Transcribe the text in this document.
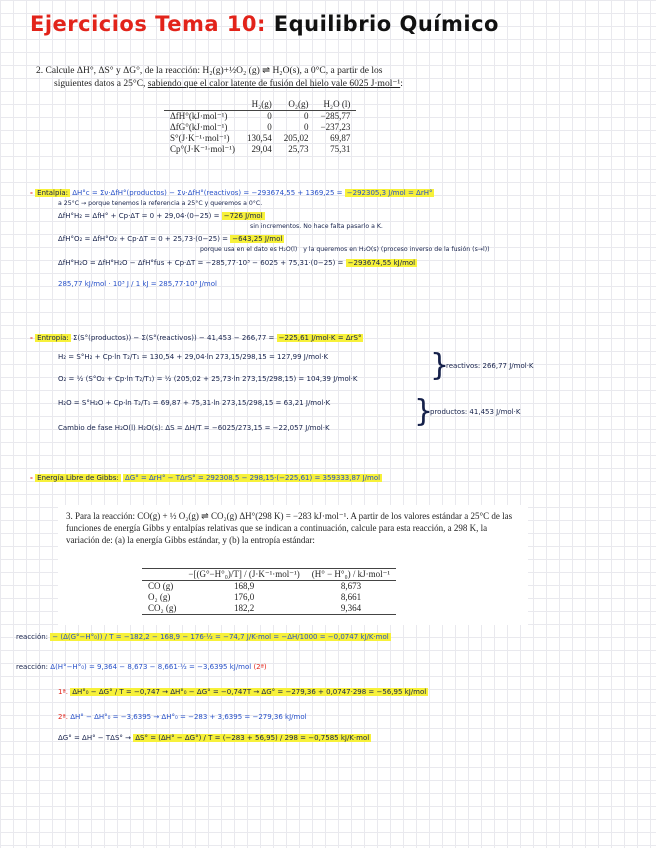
Ejercicios Tema 10: Equilibrio Químico

2. Calcule ΔH°, ΔS° y ΔG°, de la reacción: H₂(g)+½O₂ (g) ⇌ H₂O(s), a 0°C, a partir de los

siguientes datos a 25°C, sabiendo que el calor latente de fusión del hielo vale 6025 J·mol⁻¹:

	H₂(g)	O₂(g)	H₂O (l)
ΔfH°(kJ·mol⁻¹)	0	0	−285,77
ΔfG°(kJ·mol⁻¹)	0	0	−237,23
S°(J·K⁻¹·mol⁻¹)	130,54	205,02	69,87
Cp°(J·K⁻¹·mol⁻¹)	29,04	25,73	75,31
- Entalpía: ΔH°c = Σν·ΔfH°(productos) − Σν·ΔfH°(reactivos) = −293674,55 + 1369,25 = −292305,3 J/mol = ΔrH°
a 25°C → porque tenemos la referencia a 25°C y queremos a 0°C.
ΔfH°H₂ = ΔfH° + Cp·ΔT = 0 + 29,04·(0−25) = −726 J/mol
sin incrementos. No hace falta pasarlo a K.
ΔfH°O₂ = ΔfH°O₂ + Cp·ΔT = 0 + 25,73·(0−25) = −643,25 J/mol
porque usa en el dato es H₂O(l) y la queremos en H₂O(s) (proceso inverso de la fusión (s→l))
ΔfH°H₂O = ΔfH°H₂O − ΔfH°fus + Cp·ΔT = −285,77·10³ − 6025 + 75,31·(0−25) = −293674,55 kJ/mol
285,77 kJ/mol · 10³ J / 1 kJ = 285,77·10³ J/mol
- Entropía: Σ(S°(productos)) − Σ(S°(reactivos)) − 41,453 − 266,77 = −225,61 J/mol·K = ΔrS°
H₂ = S°H₂ + Cp·ln T₂/T₁ = 130,54 + 29,04·ln 273,15/298,15 = 127,99 J/mol·K
O₂ = ½ (S°O₂ + Cp·ln T₂/T₁) = ½ (205,02 + 25,73·ln 273,15/298,15) = 104,39 J/mol·K }
reactivos: 266,77 J/mol·K
H₂O = S°H₂O + Cp·ln T₂/T₁ = 69,87 + 75,31·ln 273,15/298,15 = 63,21 J/mol·K
Cambio de fase H₂O(l) H₂O(s): ΔS = ΔH/T = −6025/273,15 = −22,057 J/mol·K	}
productos: 41,453 J/mol·K
- Energía Libre de Gibbs: ΔG° = ΔrH° − TΔrS° = 292308,5 − 298,15·(−225,61) = 359333,87 J/mol
3. Para la reacción: CO(g) + ½ O₂(g) ⇌ CO₂(g) ΔH°(298 K) = −283 kJ·mol⁻¹. A partir de los valores estándar a 25°C de las funciones de energía Gibbs y entalpías relativas que se indican a continuación, calcule para esta reacción, a 298 K, la variación de: (a) la energía Gibbs estándar, y (b) la entropía estándar:
	−[(G°−H°₀)/T] / (J·K⁻¹·mol⁻¹)	(H° − H°₀) / kJ·mol⁻¹
CO (g)	168,9	8,673
O₂ (g)	176,0	8,661
CO₂ (g)	182,2	9,364
reacción: − (Δ(G°−H°₀)) / T = −182,2 − 168,9 − 176·½ = −74,7 J/K·mol = −ΔH/1000 = −0,0747 kJ/K·mol
reacción: Δ(H°−H°₀) = 9,364 − 8,673 − 8,661·½ = −3,6395 kJ/mol (2ª)
1ª. ΔH°₀ − ΔG° / T = −0,747 → ΔH°₀ − ΔG° = −0,747T → ΔG° = −279,36 + 0,0747·298 = −56,95 kJ/mol
2ª. ΔH° − ΔH°₀ = −3,6395 → ΔH°₀ = −283 + 3,6395 = −279,36 kJ/mol
ΔG° = ΔH° − TΔS° → ΔS° = (ΔH° − ΔG°) / T = (−283 + 56,95) / 298 = −0,7585 kJ/K·mol
